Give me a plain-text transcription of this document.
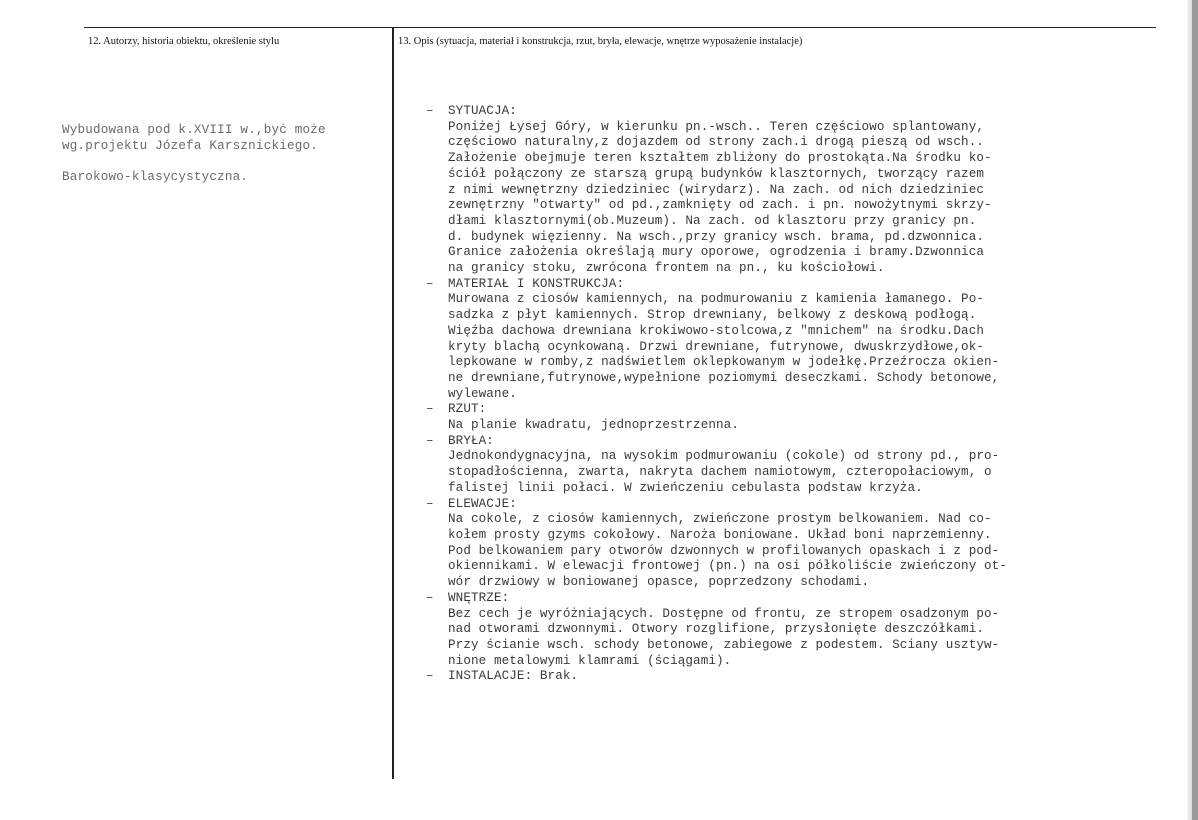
12. Autorzy, historia obiektu, określenie stylu	13. Opis (sytuacja, materiał i konstrukcja, rzut, bryła, elewacje, wnętrze wyposażenie instalacje)
Wybudowana pod k.XVIII w.,byċ może
wg.projektu Józefa Karsznickiego.
Barokowo-klasycystyczna.
– SYTUACJA:
Poniżej Łysej Góry, w kierunku pn.-wsch.. Teren częściowo splantowany,
częściowo naturalny,z dojazdem od strony zach.i drogą pieszą od wsch..
Założenie obejmuje teren kształtem zbliżony do prostokąta.Na środku ko-
ściół połączony ze starszą grupą budynków klasztornych, tworzący razem
z nimi wewnętrzny dziedziniec (wirydarz). Na zach. od nich dziedziniec
zewnętrzny "otwarty" od pd.,zamknięty od zach. i pn. nowożytnymi skrzy-
dłami klasztornymi(ob.Muzeum). Na zach. od klasztoru przy granicy pn.
d. budynek więzienny. Na wsch.,przy granicy wsch. brama, pd.dzwonnica.
Granice założenia określają mury oporowe, ogrodzenia i bramy.Dzwonnica
na granicy stoku, zwrócona frontem na pn., ku kościołowi.
– MATERIAŁ I KONSTRUKCJA:
Murowana z ciosów kamiennych, na podmurowaniu z kamienia łamanego. Po-
sadzka z płyt kamiennych. Strop drewniany, belkowy z deskową podłogą.
Więźba dachowa drewniana krokiwowo-stolcowa,z "mnichem" na środku.Dach
kryty blachą ocynkowaną. Drzwi drewniane, futrynowe, dwuskrzydłowe,ok-
lepkowane w romby,z nadświetlem oklepkowanym w jodełkę.Przeźrocza okien-
ne drewniane,futrynowe,wypełnione poziomymi deseczkami. Schody betonowe,
wylewane.
– RZUT:
Na planie kwadratu, jednoprzestrzenna.
– BRYŁA:
Jednokondygnacyjna, na wysokim podmurowaniu (cokole) od strony pd., pro-
stopadłościenna, zwarta, nakryta dachem namiotowym, czteropołaciowym, o
falistej linii połaci. W zwieńczeniu cebulasta podstaw krzyża.
– ELEWACJE:
Na cokole, z ciosów kamiennych, zwieńczone prostym belkowaniem. Nad co-
kołem prosty gzyms cokołowy. Naroża boniowane. Układ boni naprzemienny.
Pod belkowaniem pary otworów dzwonnych w profilowanych opaskach i z pod-
okiennikami. W elewacji frontowej (pn.) na osi półkoliście zwieńczony ot-
wór drzwiowy w boniowanej opasce, poprzedzony schodami.
– WNĘTRZE:
Bez cech je wyróżniających. Dostępne od frontu, ze stropem osadzonym po-
nad otworami dzwonnymi. Otwory rozglifione, przysłonięte deszczółkami.
Przy ścianie wsch. schody betonowe, zabiegowe z podestem. Sciany usztyw-
nione metalowymi klamrami (ściągami).
– INSTALACJE: Brak.
